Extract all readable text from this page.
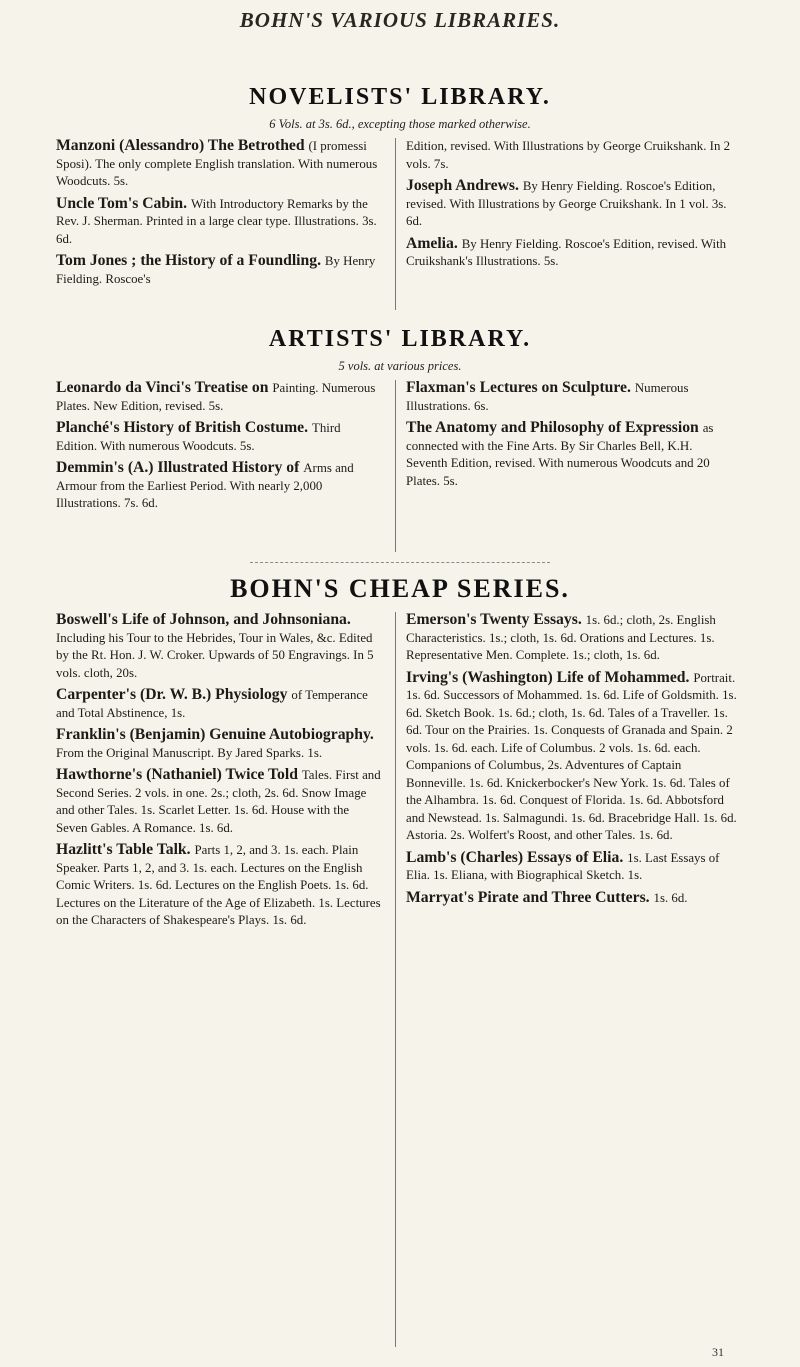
BOHN'S VARIOUS LIBRARIES.
NOVELISTS' LIBRARY.
6 Vols. at 3s. 6d., excepting those marked otherwise.
Manzoni (Alessandro) The Betrothed (I promessi Sposi). The only complete English translation. With numerous Woodcuts. 5s.
Uncle Tom's Cabin. With Introductory Remarks by the Rev. J. Sherman. Printed in a large clear type. Illustrations. 3s. 6d.
Tom Jones ; the History of a Foundling. By Henry Fielding. Roscoe's
Edition, revised. With Illustrations by George Cruikshank. In 2 vols. 7s.
Joseph Andrews. By Henry Fielding. Roscoe's Edition, revised. With Illustrations by George Cruikshank. In 1 vol. 3s. 6d.
Amelia. By Henry Fielding. Roscoe's Edition, revised. With Cruikshank's Illustrations. 5s.
ARTISTS' LIBRARY.
5 vols. at various prices.
Leonardo da Vinci's Treatise on Painting. Numerous Plates. New Edition, revised. 5s.
Planché's History of British Costume. Third Edition. With numerous Woodcuts. 5s.
Demmin's (A.) Illustrated History of Arms and Armour from the Earliest Period. With nearly 2,000 Illustrations. 7s. 6d.
Flaxman's Lectures on Sculpture. Numerous Illustrations. 6s.
The Anatomy and Philosophy of Expression as connected with the Fine Arts. By Sir Charles Bell, K.H. Seventh Edition, revised. With numerous Woodcuts and 20 Plates. 5s.
BOHN'S CHEAP SERIES.
Boswell's Life of Johnson, and Johnsoniana. Including his Tour to the Hebrides, Tour in Wales, &c. Edited by the Rt. Hon. J. W. Croker. Upwards of 50 Engravings. In 5 vols. cloth, 20s.
Carpenter's (Dr. W. B.) Physiology of Temperance and Total Abstinence, 1s.
Franklin's (Benjamin) Genuine Autobiography. From the Original Manuscript. By Jared Sparks. 1s.
Hawthorne's (Nathaniel) Twice Told Tales. First and Second Series. 2 vols. in one. 2s.; cloth, 2s. 6d. Snow Image and other Tales. 1s. Scarlet Letter. 1s. 6d. House with the Seven Gables. A Romance. 1s. 6d.
Hazlitt's Table Talk. Parts 1, 2, and 3. 1s. each. Plain Speaker. Parts 1, 2, and 3. 1s. each. Lectures on the English Comic Writers. 1s. 6d. Lectures on the English Poets. 1s. 6d. Lectures on the Literature of the Age of Elizabeth. 1s. Lectures on the Characters of Shakespeare's Plays. 1s. 6d.
Emerson's Twenty Essays. 1s. 6d.; cloth, 2s. English Characteristics. 1s.; cloth, 1s. 6d. Orations and Lectures. 1s. Representative Men. Complete. 1s.; cloth, 1s. 6d.
Irving's (Washington) Life of Mohammed. Portrait. 1s. 6d. Successors of Mohammed. 1s. 6d. Life of Goldsmith. 1s. 6d. Sketch Book. 1s. 6d.; cloth, 1s. 6d. Tales of a Traveller. 1s. 6d. Tour on the Prairies. 1s. Conquests of Granada and Spain. 2 vols. 1s. 6d. each. Life of Columbus. 2 vols. 1s. 6d. each. Companions of Columbus, 2s. Adventures of Captain Bonneville. 1s. 6d. Knickerbocker's New York. 1s. 6d. Tales of the Alhambra. 1s. 6d. Conquest of Florida. 1s. 6d. Abbotsford and Newstead. 1s. Salmagundi. 1s. 6d. Bracebridge Hall. 1s. 6d. Astoria. 2s. Wolfert's Roost, and other Tales. 1s. 6d.
Lamb's (Charles) Essays of Elia. 1s. Last Essays of Elia. 1s. Eliana, with Biographical Sketch. 1s.
Marryat's Pirate and Three Cutters. 1s. 6d.
31
